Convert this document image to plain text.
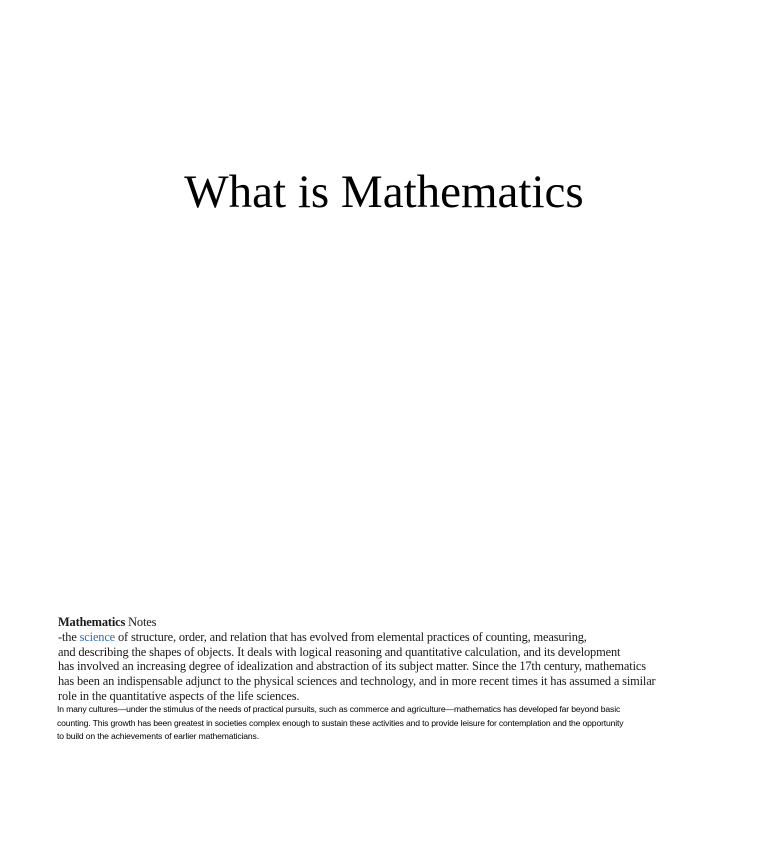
What is Mathematics
Mathematics Notes
-the science of structure, order, and relation that has evolved from elemental practices of counting, measuring,
and describing the shapes of objects. It deals with logical reasoning and quantitative calculation, and its development
has involved an increasing degree of idealization and abstraction of its subject matter. Since the 17th century, mathematics
has been an indispensable adjunct to the physical sciences and technology, and in more recent times it has assumed a similar
role in the quantitative aspects of the life sciences.
In many cultures—under the stimulus of the needs of practical pursuits, such as commerce and agriculture—mathematics has developed far beyond basic
counting. This growth has been greatest in societies complex enough to sustain these activities and to provide leisure for contemplation and the opportunity
to build on the achievements of earlier mathematicians.
